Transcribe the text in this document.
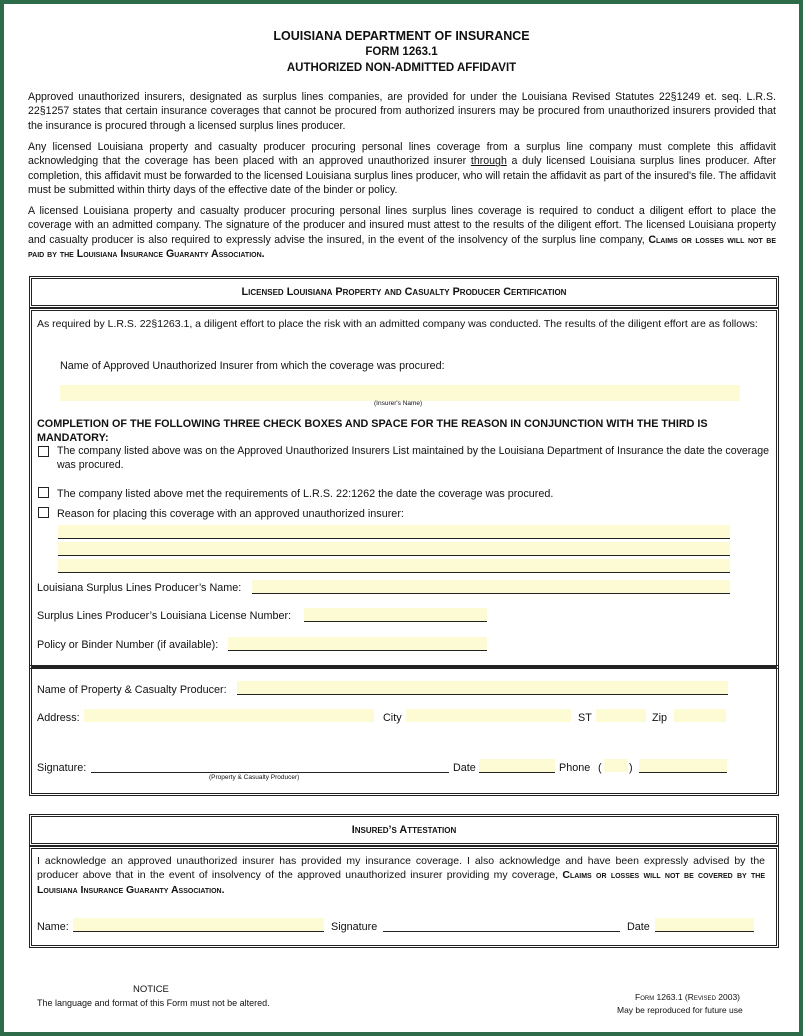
LOUISIANA DEPARTMENT OF INSURANCE
FORM 1263.1
AUTHORIZED NON-ADMITTED AFFIDAVIT
Approved unauthorized insurers, designated as surplus lines companies, are provided for under the Louisiana Revised Statutes 22§1249 et. seq. L.R.S. 22§1257 states that certain insurance coverages that cannot be procured from authorized insurers may be procured from unauthorized insurers provided that the insurance is procured through a licensed surplus lines producer.
Any licensed Louisiana property and casualty producer procuring personal lines coverage from a surplus line company must complete this affidavit acknowledging that the coverage has been placed with an approved unauthorized insurer through a duly licensed Louisiana surplus lines producer. After completion, this affidavit must be forwarded to the licensed Louisiana surplus lines producer, who will retain the affidavit as part of the insured's file. The affidavit must be submitted within thirty days of the effective date of the binder or policy.
A licensed Louisiana property and casualty producer procuring personal lines surplus lines coverage is required to conduct a diligent effort to place the coverage with an admitted company. The signature of the producer and insured must attest to the results of the diligent effort. The licensed Louisiana property and casualty producer is also required to expressly advise the insured, in the event of the insolvency of the surplus line company, Claims or losses will not be paid by the Louisiana Insurance Guaranty Association.
Licensed Louisiana Property and Casualty Producer Certification
As required by L.R.S. 22§1263.1, a diligent effort to place the risk with an admitted company was conducted. The results of the diligent effort are as follows:
Name of Approved Unauthorized Insurer from which the coverage was procured:
(Insurer's Name)
COMPLETION OF THE FOLLOWING THREE CHECK BOXES AND SPACE FOR THE REASON IN CONJUNCTION WITH THE THIRD IS MANDATORY:
The company listed above was on the Approved Unauthorized Insurers List maintained by the Louisiana Department of Insurance the date the coverage was procured.
The company listed above met the requirements of L.R.S. 22:1262 the date the coverage was procured.
Reason for placing this coverage with an approved unauthorized insurer:
Louisiana Surplus Lines Producer’s Name:
Surplus Lines Producer’s Louisiana License Number:
Policy or Binder Number (if available):
Name of Property & Casualty Producer:
Address:	City	ST	Zip
Signature:
(Property & Casualty Producer)
Date	Phone (	)
Insured’s Attestation
I acknowledge an approved unauthorized insurer has provided my insurance coverage. I also acknowledge and have been expressly advised by the producer above that in the event of insolvency of the approved unauthorized insurer providing my coverage, Claims or losses will not be covered by the Louisiana Insurance Guaranty Association.
Name:	Signature	Date
NOTICE
The language and format of this Form must not be altered.
Form 1263.1 (Revised 2003)
May be reproduced for future use
